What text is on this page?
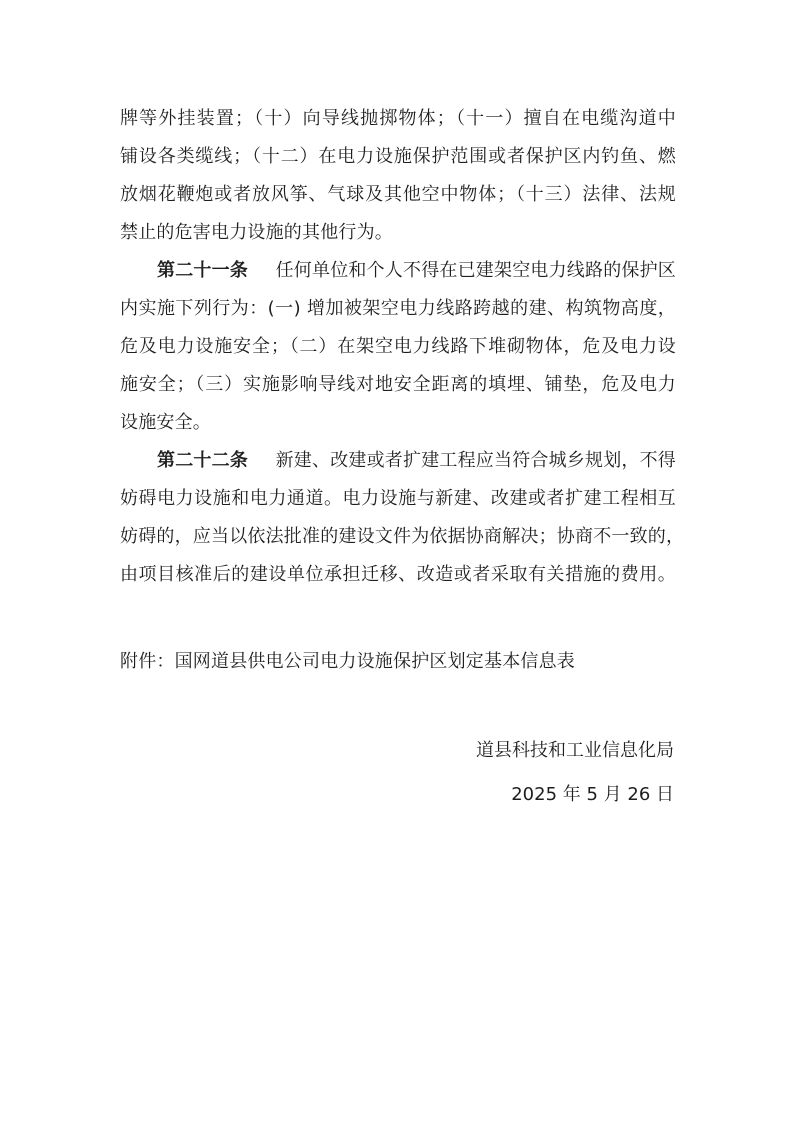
牌等外挂装置；（十）向导线抛掷物体；（十一）擅自在电缆沟道中
铺设各类缆线；（十二）在电力设施保护范围或者保护区内钓鱼、燃
放烟花鞭炮或者放风筝、气球及其他空中物体；（十三）法律、法规
禁止的危害电力设施的其他行为。
第二十一条 任何单位和个人不得在已建架空电力线路的保护区
内实施下列行为：(一) 增加被架空电力线路跨越的建、构筑物高度，
危及电力设施安全；（二）在架空电力线路下堆砌物体，危及电力设
施安全；（三）实施影响导线对地安全距离的填埋、铺垫，危及电力
设施安全。
第二十二条 新建、改建或者扩建工程应当符合城乡规划，不得
妨碍电力设施和电力通道。电力设施与新建、改建或者扩建工程相互
妨碍的，应当以依法批准的建设文件为依据协商解决；协商不一致的，
由项目核准后的建设单位承担迁移、改造或者采取有关措施的费用。
附件：国网道县供电公司电力设施保护区划定基本信息表
道县科技和工业信息化局
2025 年 5 月 26 日
